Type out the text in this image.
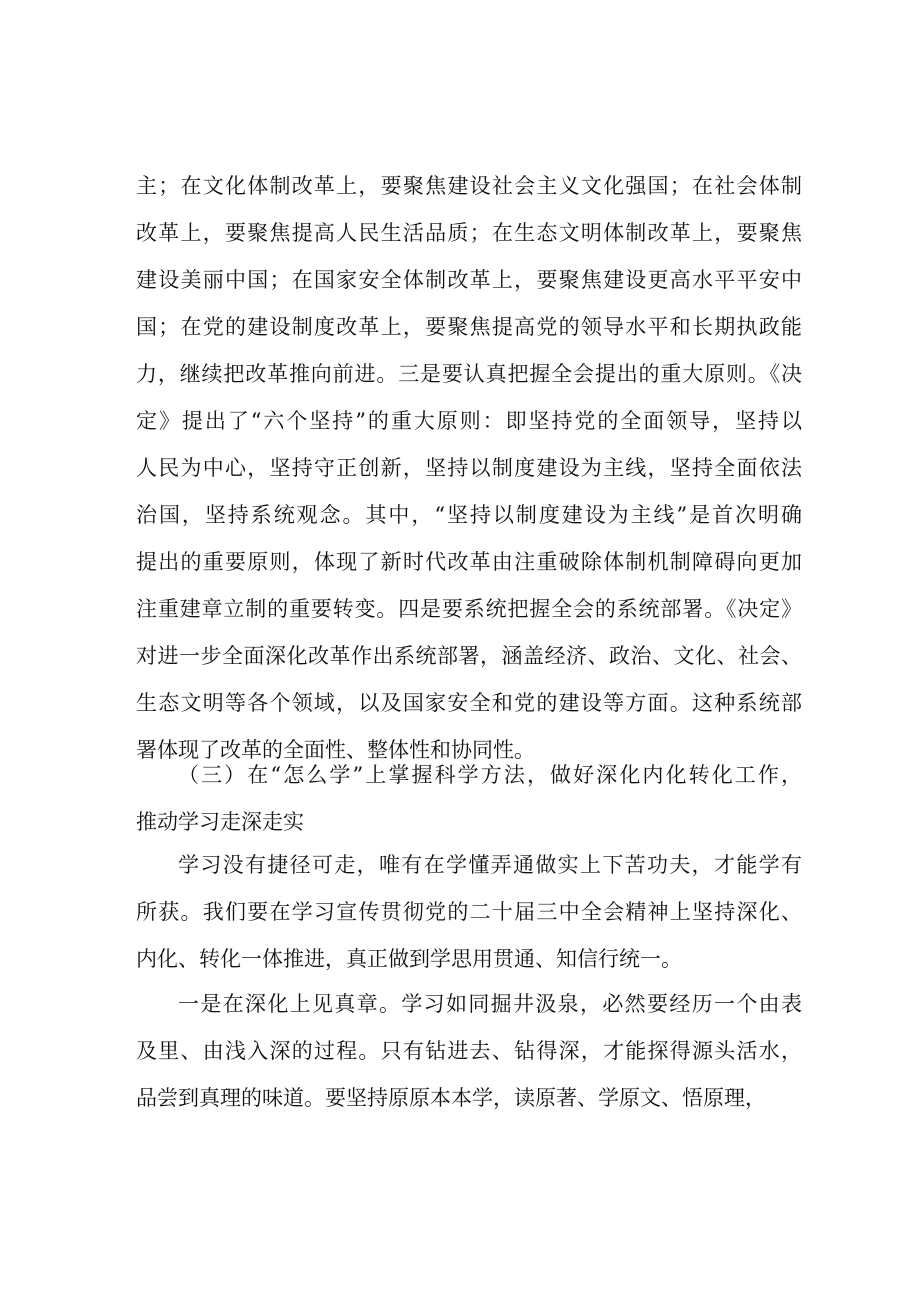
主；在文化体制改革上，要聚焦建设社会主义文化强国；在社会体制
改革上，要聚焦提高人民生活品质；在生态文明体制改革上，要聚焦
建设美丽中国；在国家安全体制改革上，要聚焦建设更高水平平安中
国；在党的建设制度改革上，要聚焦提高党的领导水平和长期执政能
力，继续把改革推向前进。三是要认真把握全会提出的重大原则。《决
定》提出了“六个坚持”的重大原则：即坚持党的全面领导，坚持以
人民为中心，坚持守正创新，坚持以制度建设为主线，坚持全面依法
治国，坚持系统观念。其中，“坚持以制度建设为主线”是首次明确
提出的重要原则，体现了新时代改革由注重破除体制机制障碍向更加
注重建章立制的重要转变。四是要系统把握全会的系统部署。《决定》
对进一步全面深化改革作出系统部署，涵盖经济、政治、文化、社会、
生态文明等各个领域，以及国家安全和党的建设等方面。这种系统部
署体现了改革的全面性、整体性和协同性。
（三）在“怎么学”上掌握科学方法，做好深化内化转化工作，
推动学习走深走实
学习没有捷径可走，唯有在学懂弄通做实上下苦功夫，才能学有
所获。我们要在学习宣传贯彻党的二十届三中全会精神上坚持深化、
内化、转化一体推进，真正做到学思用贯通、知信行统一。
一是在深化上见真章。学习如同掘井汲泉，必然要经历一个由表
及里、由浅入深的过程。只有钻进去、钻得深，才能探得源头活水，
品尝到真理的味道。要坚持原原本本学，读原著、学原文、悟原理，
